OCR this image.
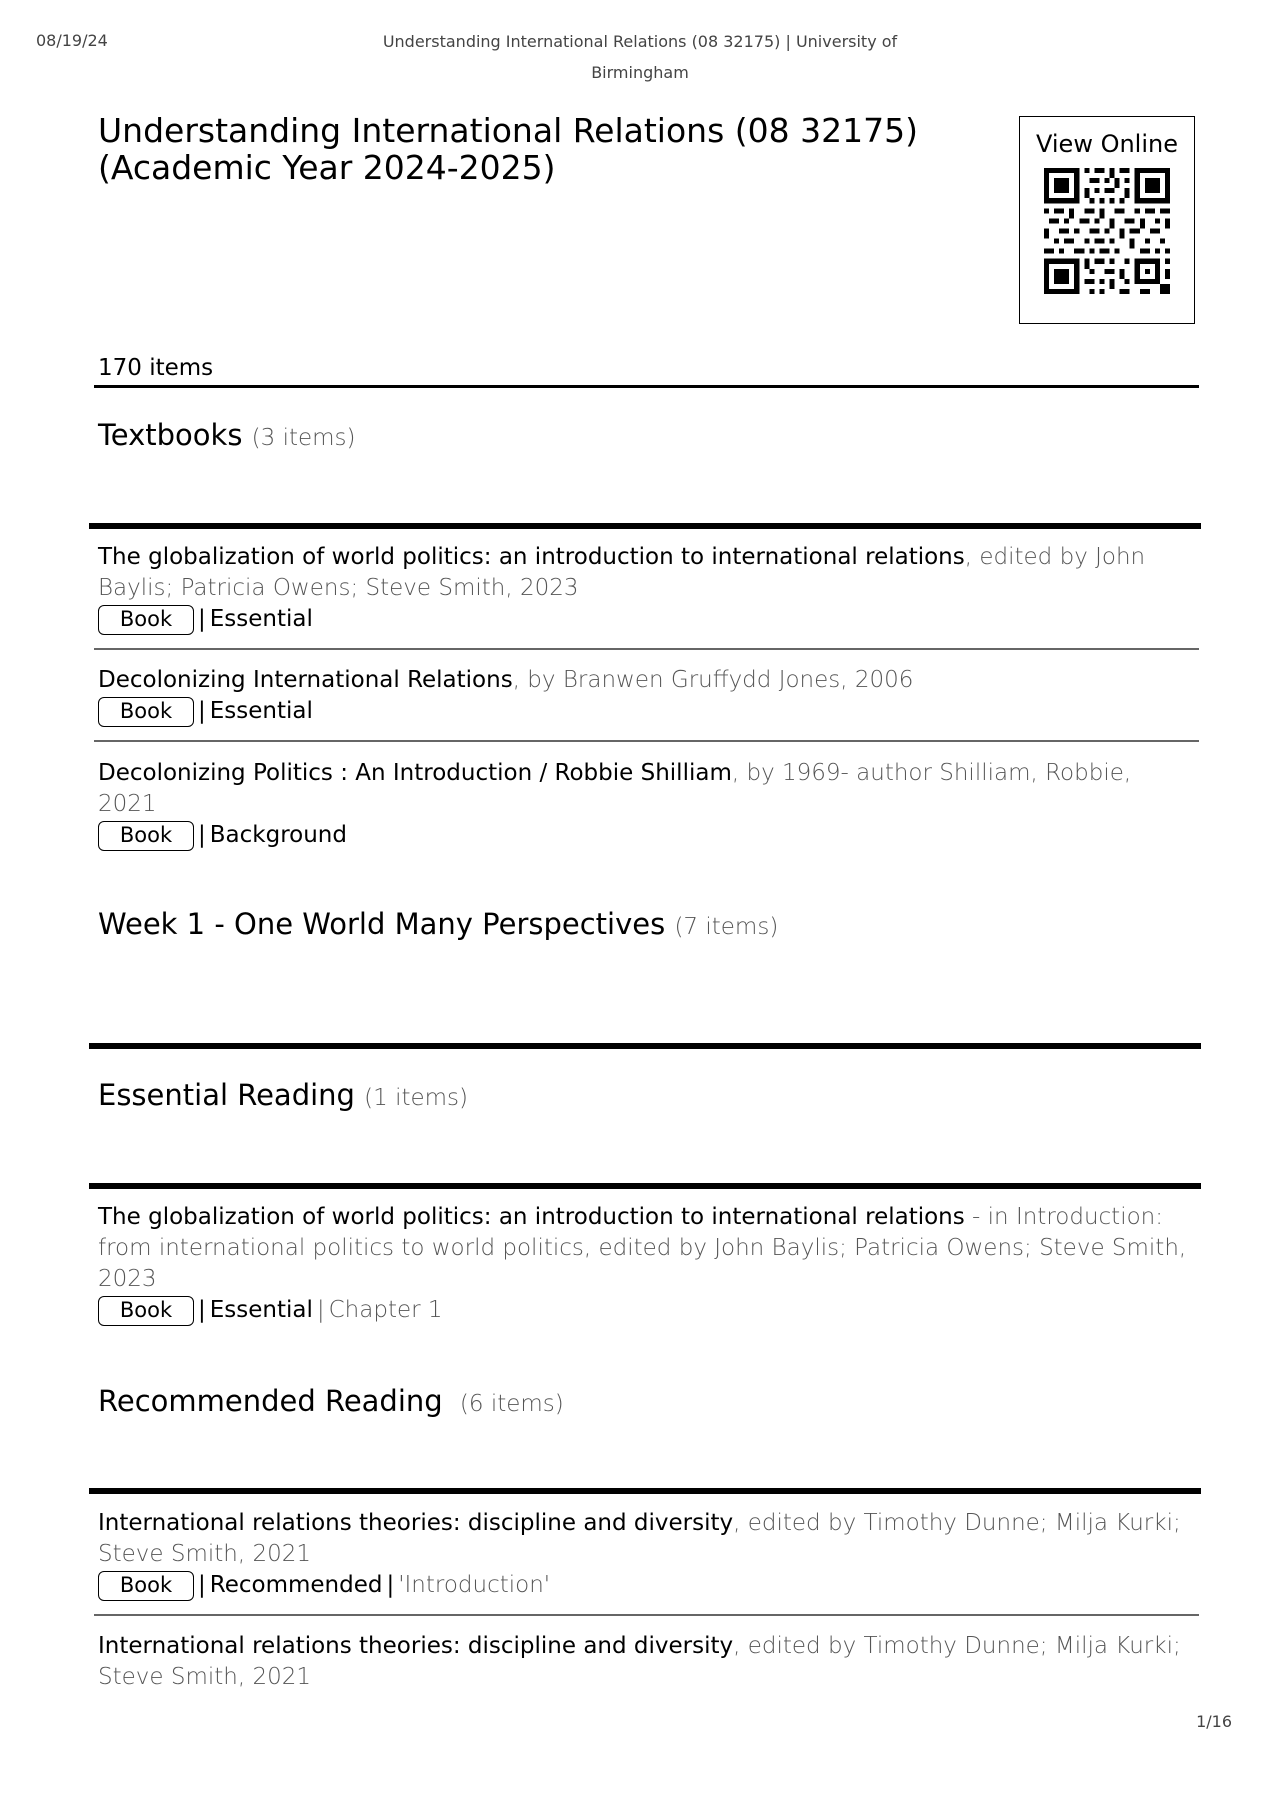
08/19/24	Understanding International Relations (08 32175) | University of Birmingham
Understanding International Relations (08 32175)
(Academic Year 2024-2025)
View Online
170 items
Textbooks (3 items)
The globalization of world politics: an introduction to international relations, edited by John Baylis; Patricia Owens; Steve Smith, 2023
Book | Essential
Decolonizing International Relations, by Branwen Gruffydd Jones, 2006
Book | Essential
Decolonizing Politics : An Introduction / Robbie Shilliam, by 1969- author Shilliam, Robbie, 2021
Book | Background
Week 1 - One World Many Perspectives (7 items)
Essential Reading (1 items)
The globalization of world politics: an introduction to international relations - in Introduction: from international politics to world politics, edited by John Baylis; Patricia Owens; Steve Smith, 2023
Book | Essential | Chapter 1
Recommended Reading (6 items)
International relations theories: discipline and diversity, edited by Timothy Dunne; Milja Kurki; Steve Smith, 2021
Book | Recommended | 'Introduction'
International relations theories: discipline and diversity, edited by Timothy Dunne; Milja Kurki; Steve Smith, 2021
1/16
